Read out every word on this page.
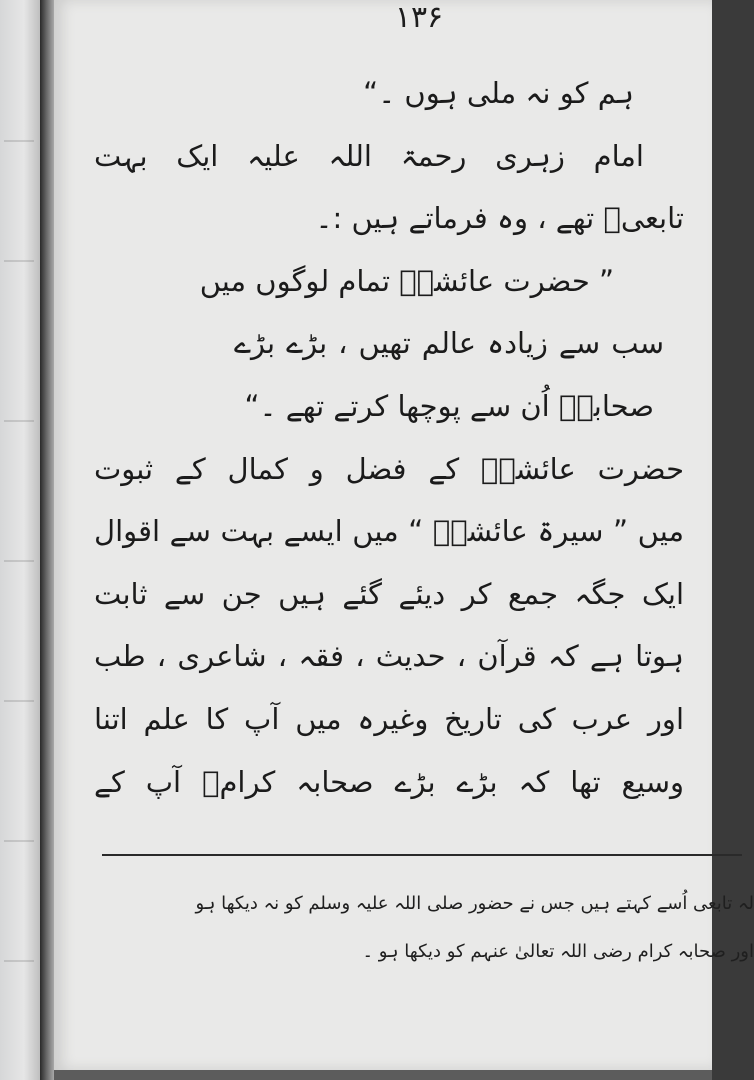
۱۳۶
ہم کو نہ ملی ہوں ۔“
امام زہری رحمۃ اللہ علیہ ایک بہت
تابعیؒ تھے ، وہ فرماتے ہیں :۔
” حضرت عائشہؓ تمام لوگوں میں
سب سے زیادہ عالم تھیں ، بڑے بڑے
صحابہؓ اُن سے پوچھا کرتے تھے ۔“
حضرت عائشہؓ کے فضل و کمال کے ثبوت
میں ” سیرۃ عائشہؓ “ میں ایسے بہت سے اقوال
ایک جگہ جمع کر دیئے گئے ہیں جن سے ثابت
ہوتا ہے کہ قرآن ، حدیث ، فقہ ، شاعری ، طب
اور عرب کی تاریخ وغیرہ میں آپ کا علم اتنا
وسیع تھا کہ بڑے بڑے صحابہ کرامؓ آپ کے
لہ تابعی اُسے کہتے ہیں جس نے حضور صلی اللہ علیہ وسلم کو نہ دیکھا ہو
اور صحابہ کرام رضی اللہ تعالیٰ عنہم کو دیکھا ہو ۔
